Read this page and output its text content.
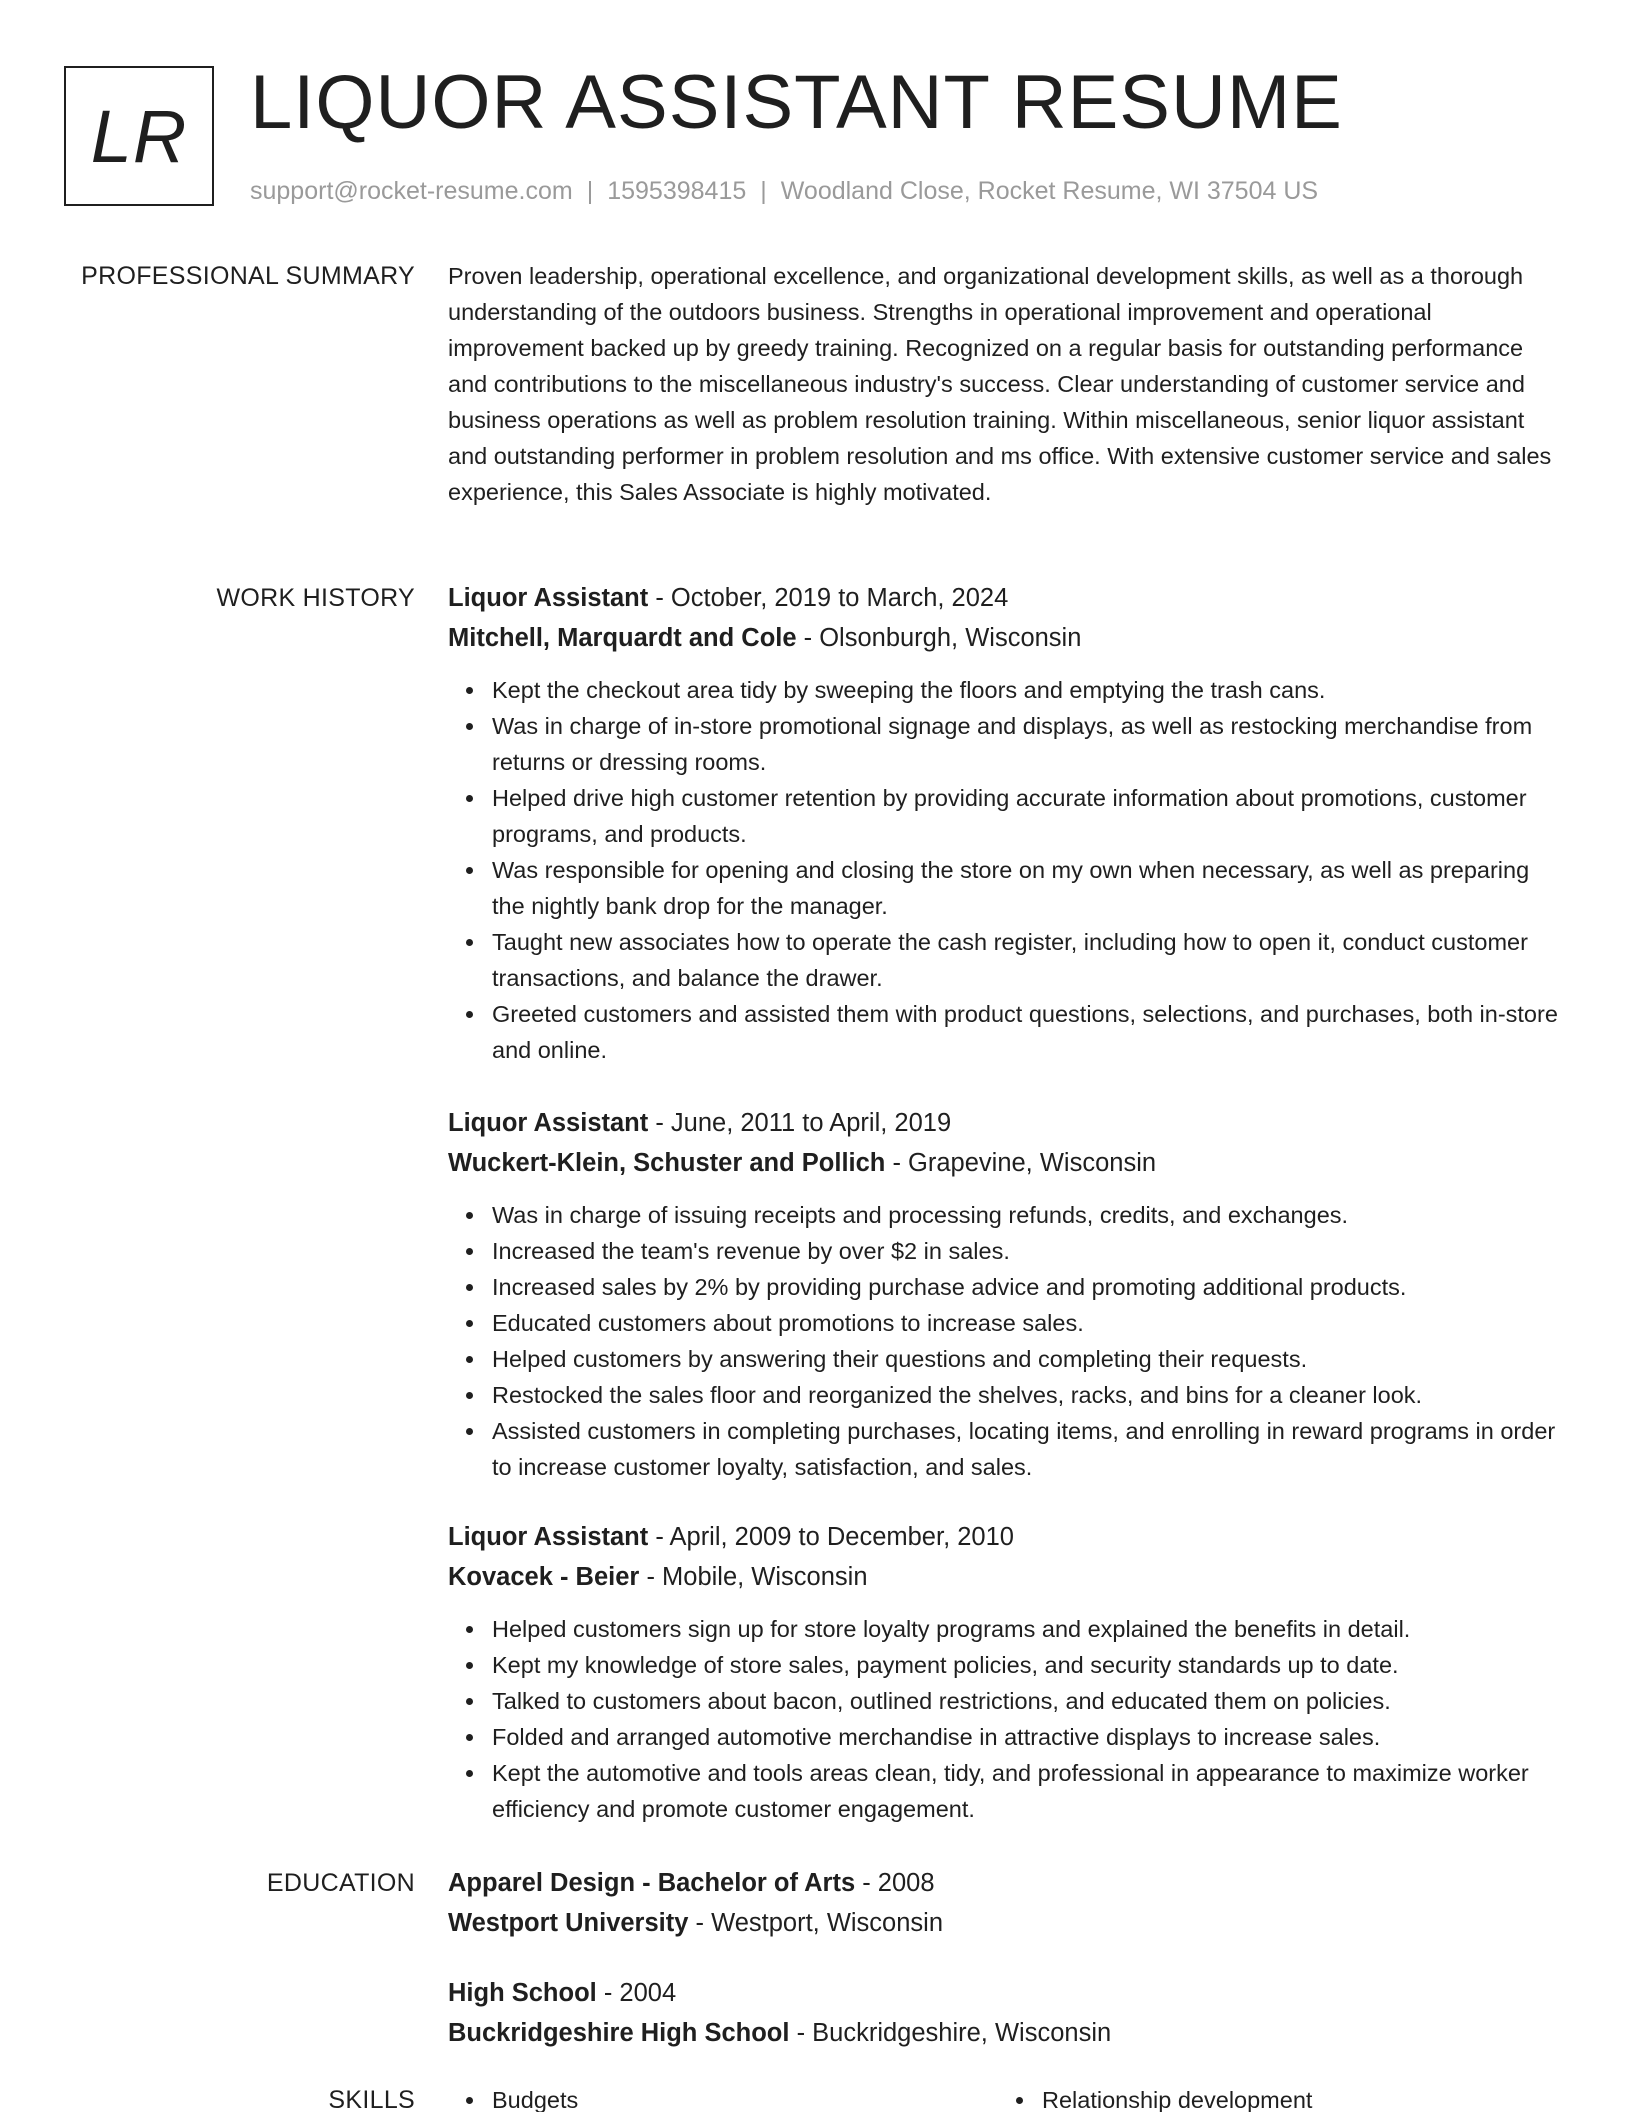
LR LIQUOR ASSISTANT RESUME
support@rocket-resume.com | 1595398415 | Woodland Close, Rocket Resume, WI 37504 US
PROFESSIONAL SUMMARY Proven leadership, operational excellence, and organizational development skills, as well as a thorough understanding of the outdoors business. Strengths in operational improvement and operational improvement backed up by greedy training. Recognized on a regular basis for outstanding performance and contributions to the miscellaneous industry's success. Clear understanding of customer service and business operations as well as problem resolution training. Within miscellaneous, senior liquor assistant and outstanding performer in problem resolution and ms office. With extensive customer service and sales experience, this Sales Associate is highly motivated.

WORK HISTORY Liquor Assistant - October, 2019 to March, 2024
Mitchell, Marquardt and Cole - Olsonburgh, Wisconsin
Kept the checkout area tidy by sweeping the floors and emptying the trash cans.
Was in charge of in-store promotional signage and displays, as well as restocking merchandise from returns or dressing rooms.
Helped drive high customer retention by providing accurate information about promotions, customer programs, and products.
Was responsible for opening and closing the store on my own when necessary, as well as preparing the nightly bank drop for the manager.
Taught new associates how to operate the cash register, including how to open it, conduct customer transactions, and balance the drawer.
Greeted customers and assisted them with product questions, selections, and purchases, both in-store and online.
Liquor Assistant - June, 2011 to April, 2019
Wuckert-Klein, Schuster and Pollich - Grapevine, Wisconsin
Was in charge of issuing receipts and processing refunds, credits, and exchanges.
Increased the team's revenue by over $2 in sales.
Increased sales by 2% by providing purchase advice and promoting additional products.
Educated customers about promotions to increase sales.
Helped customers by answering their questions and completing their requests.
Restocked the sales floor and reorganized the shelves, racks, and bins for a cleaner look.
Assisted customers in completing purchases, locating items, and enrolling in reward programs in order to increase customer loyalty, satisfaction, and sales.
Liquor Assistant - April, 2009 to December, 2010
Kovacek - Beier - Mobile, Wisconsin
Helped customers sign up for store loyalty programs and explained the benefits in detail.
Kept my knowledge of store sales, payment policies, and security standards up to date.
Talked to customers about bacon, outlined restrictions, and educated them on policies.
Folded and arranged automotive merchandise in attractive displays to increase sales.
Kept the automotive and tools areas clean, tidy, and professional in appearance to maximize worker efficiency and promote customer engagement.
EDUCATION Apparel Design - Bachelor of Arts - 2008
Westport University - Westport, Wisconsin
High School - 2004
Buckridgeshire High School - Buckridgeshire, Wisconsin
SKILLS	Budgets	Relationship development
